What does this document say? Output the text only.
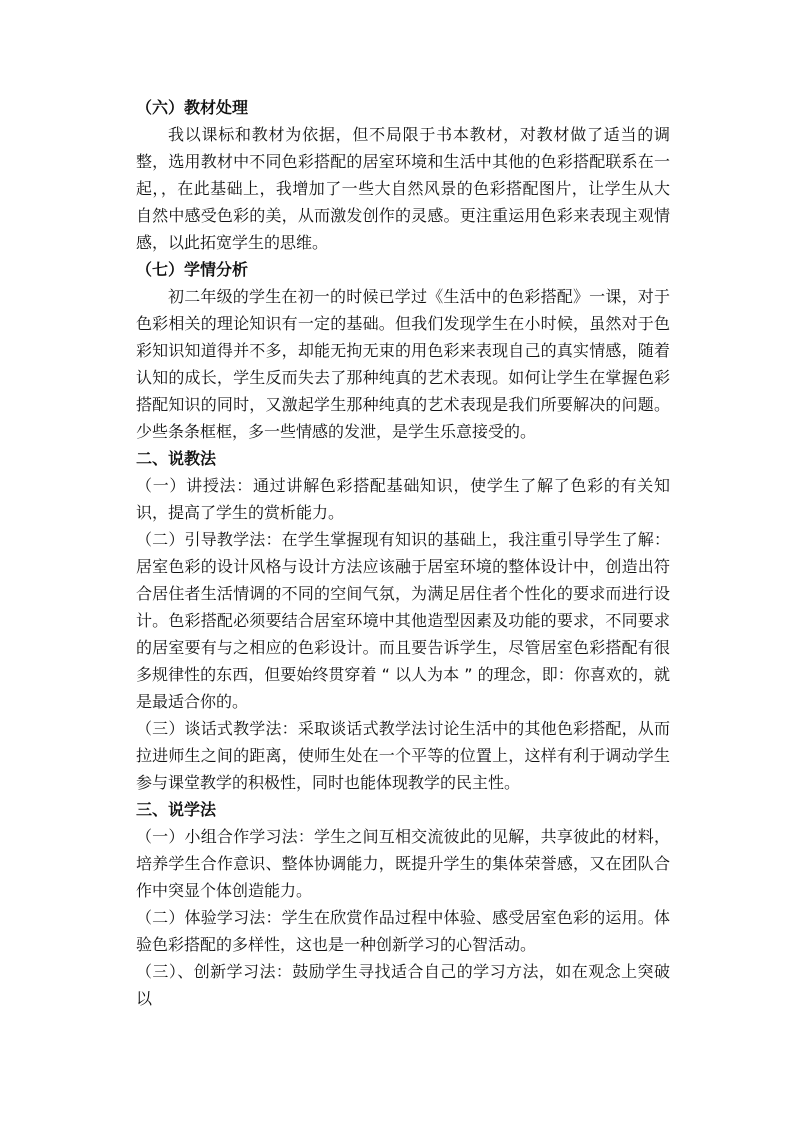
（六）教材处理

我以课标和教材为依据，但不局限于书本教材，对教材做了适当的调整，选用教材中不同色彩搭配的居室环境和生活中其他的色彩搭配联系在一起，，在此基础上，我增加了一些大自然风景的色彩搭配图片，让学生从大自然中感受色彩的美，从而激发创作的灵感。更注重运用色彩来表现主观情感，以此拓宽学生的思维。

（七）学情分析

初二年级的学生在初一的时候已学过《生活中的色彩搭配》一课，对于色彩相关的理论知识有一定的基础。但我们发现学生在小时候，虽然对于色彩知识知道得并不多，却能无拘无束的用色彩来表现自己的真实情感，随着认知的成长，学生反而失去了那种纯真的艺术表现。如何让学生在掌握色彩搭配知识的同时，又激起学生那种纯真的艺术表现是我们所要解决的问题。少些条条框框，多一些情感的发泄，是学生乐意接受的。

二、说教法

（一）讲授法：通过讲解色彩搭配基础知识，使学生了解了色彩的有关知识，提高了学生的赏析能力。

（二）引导教学法：在学生掌握现有知识的基础上，我注重引导学生了解：居室色彩的设计风格与设计方法应该融于居室环境的整体设计中，创造出符合居住者生活情调的不同的空间气氛，为满足居住者个性化的要求而进行设计。色彩搭配必须要结合居室环境中其他造型因素及功能的要求，不同要求的居室要有与之相应的色彩设计。而且要告诉学生，尽管居室色彩搭配有很多规律性的东西，但要始终贯穿着 “ 以人为本 ” 的理念，即：你喜欢的，就是最适合你的。

（三）谈话式教学法：采取谈话式教学法讨论生活中的其他色彩搭配，从而拉进师生之间的距离，使师生处在一个平等的位置上，这样有利于调动学生参与课堂教学的积极性，同时也能体现教学的民主性。

三、说学法

（一）小组合作学习法：学生之间互相交流彼此的见解，共享彼此的材料，培养学生合作意识、整体协调能力，既提升学生的集体荣誉感，又在团队合作中突显个体创造能力。

（二）体验学习法：学生在欣赏作品过程中体验、感受居室色彩的运用。体验色彩搭配的多样性，这也是一种创新学习的心智活动。

（三）、创新学习法：鼓励学生寻找适合自己的学习方法，如在观念上突破以
